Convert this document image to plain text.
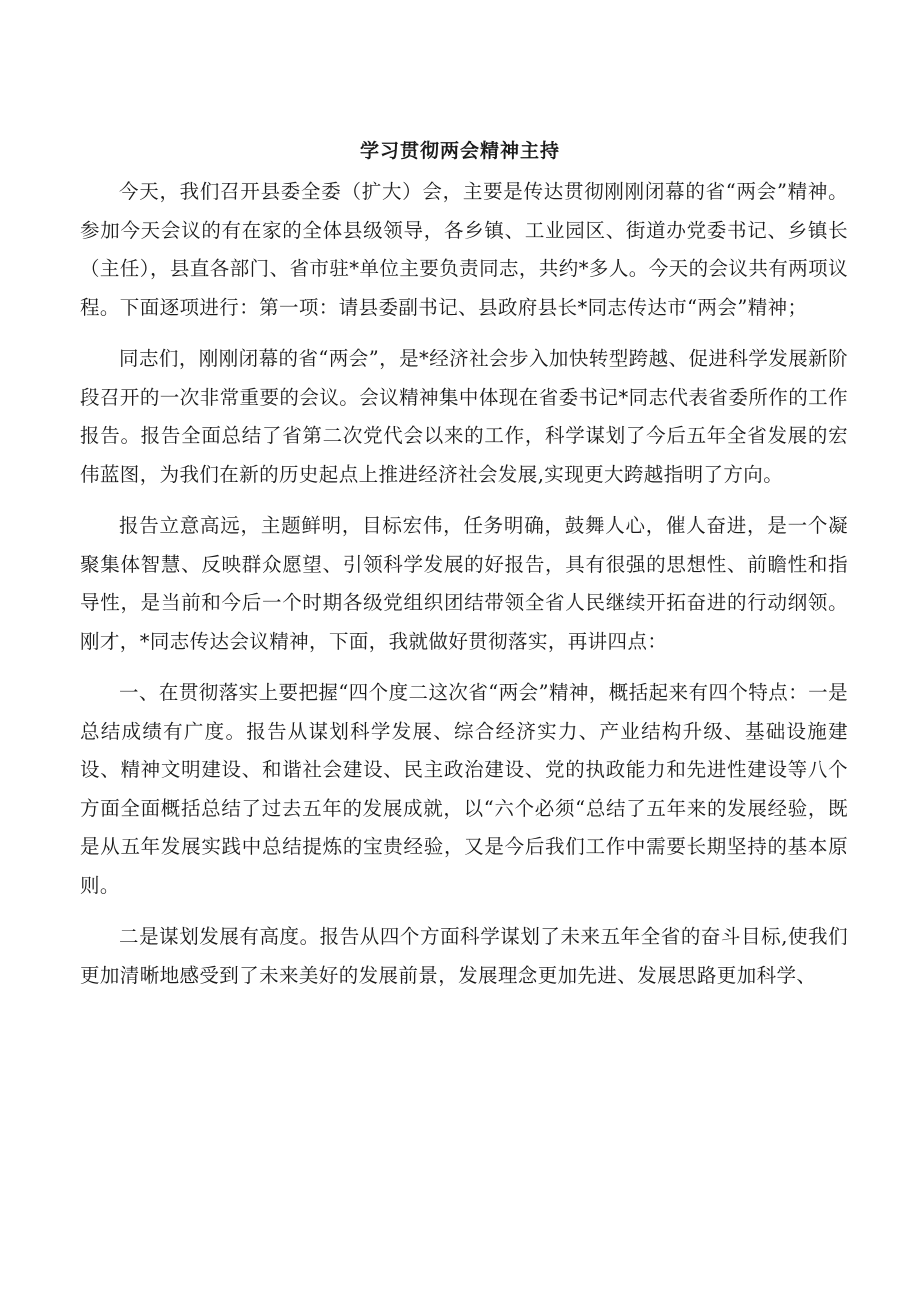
学习贯彻两会精神主持

今天，我们召开县委全委（扩大）会，主要是传达贯彻刚刚闭幕的省“两会”精神。参加今天会议的有在家的全体县级领导，各乡镇、工业园区、街道办党委书记、乡镇长（主任），县直各部门、省市驻*单位主要负责同志，共约*多人。今天的会议共有两项议程。下面逐项进行：第一项：请县委副书记、县政府县长*同志传达市“两会”精神；

同志们，刚刚闭幕的省“两会”，是*经济社会步入加快转型跨越、促进科学发展新阶段召开的一次非常重要的会议。会议精神集中体现在省委书记*同志代表省委所作的工作报告。报告全面总结了省第二次党代会以来的工作，科学谋划了今后五年全省发展的宏伟蓝图，为我们在新的历史起点上推进经济社会发展,实现更大跨越指明了方向。

报告立意高远，主题鲜明，目标宏伟，任务明确，鼓舞人心，催人奋进，是一个凝聚集体智慧、反映群众愿望、引领科学发展的好报告，具有很强的思想性、前瞻性和指导性，是当前和今后一个时期各级党组织团结带领全省人民继续开拓奋进的行动纲领。刚才，*同志传达会议精神，下面，我就做好贯彻落实，再讲四点：

一、在贯彻落实上要把握“四个度二这次省“两会”精神，概括起来有四个特点：一是总结成绩有广度。报告从谋划科学发展、综合经济实力、产业结构升级、基础设施建设、精神文明建设、和谐社会建设、民主政治建设、党的执政能力和先进性建设等八个方面全面概括总结了过去五年的发展成就，以“六个必须“总结了五年来的发展经验，既是从五年发展实践中总结提炼的宝贵经验，又是今后我们工作中需要长期坚持的基本原则。

二是谋划发展有高度。报告从四个方面科学谋划了未来五年全省的奋斗目标,使我们更加清晰地感受到了未来美好的发展前景，发展理念更加先进、发展思路更加科学、
